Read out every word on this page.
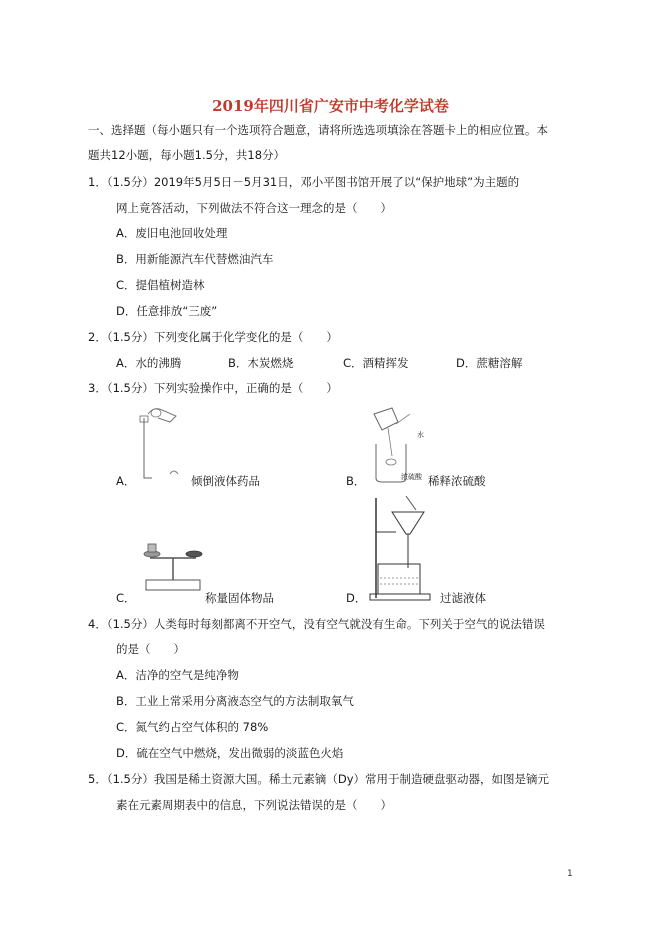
2019年四川省广安市中考化学试卷
一、选择题（每小题只有一个选项符合题意，请将所选选项填涂在答题卡上的相应位置。本
题共12小题，每小题1.5分，共18分）
1．（1.5分）2019年5月5日－5月31日，邓小平图书馆开展了以“保护地球”为主题的
网上竟答活动，下列做法不符合这一理念的是（　　）
A．废旧电池回收处理
B．用新能源汽车代替燃油汽车
C．提倡植树造林
D．任意排放“三废”
2．（1.5分）下列变化属于化学变化的是（　　）
A．水的沸腾	B．木炭燃烧	C．酒精挥发	D．蔗糖溶解
3．（1.5分）下列实验操作中，正确的是（　　）
A．	倾倒液体药品
水
浓硫酸
B．	稀释浓硫酸
C．	称量固体物品	D．	过滤液体
4．（1.5分）人类每时每刻都离不开空气，没有空气就没有生命。下列关于空气的说法错误
的是（　　）
A．洁净的空气是纯净物
B．工业上常采用分离液态空气的方法制取氧气
C．氮气约占空气体积的 78%
D．硫在空气中燃烧，发出微弱的淡蓝色火焰
5．（1.5分）我国是稀土资源大国。稀土元素镝（Dy）常用于制造硬盘驱动器，如图是镝元
素在元素周期表中的信息，下列说法错误的是（　　）
1
